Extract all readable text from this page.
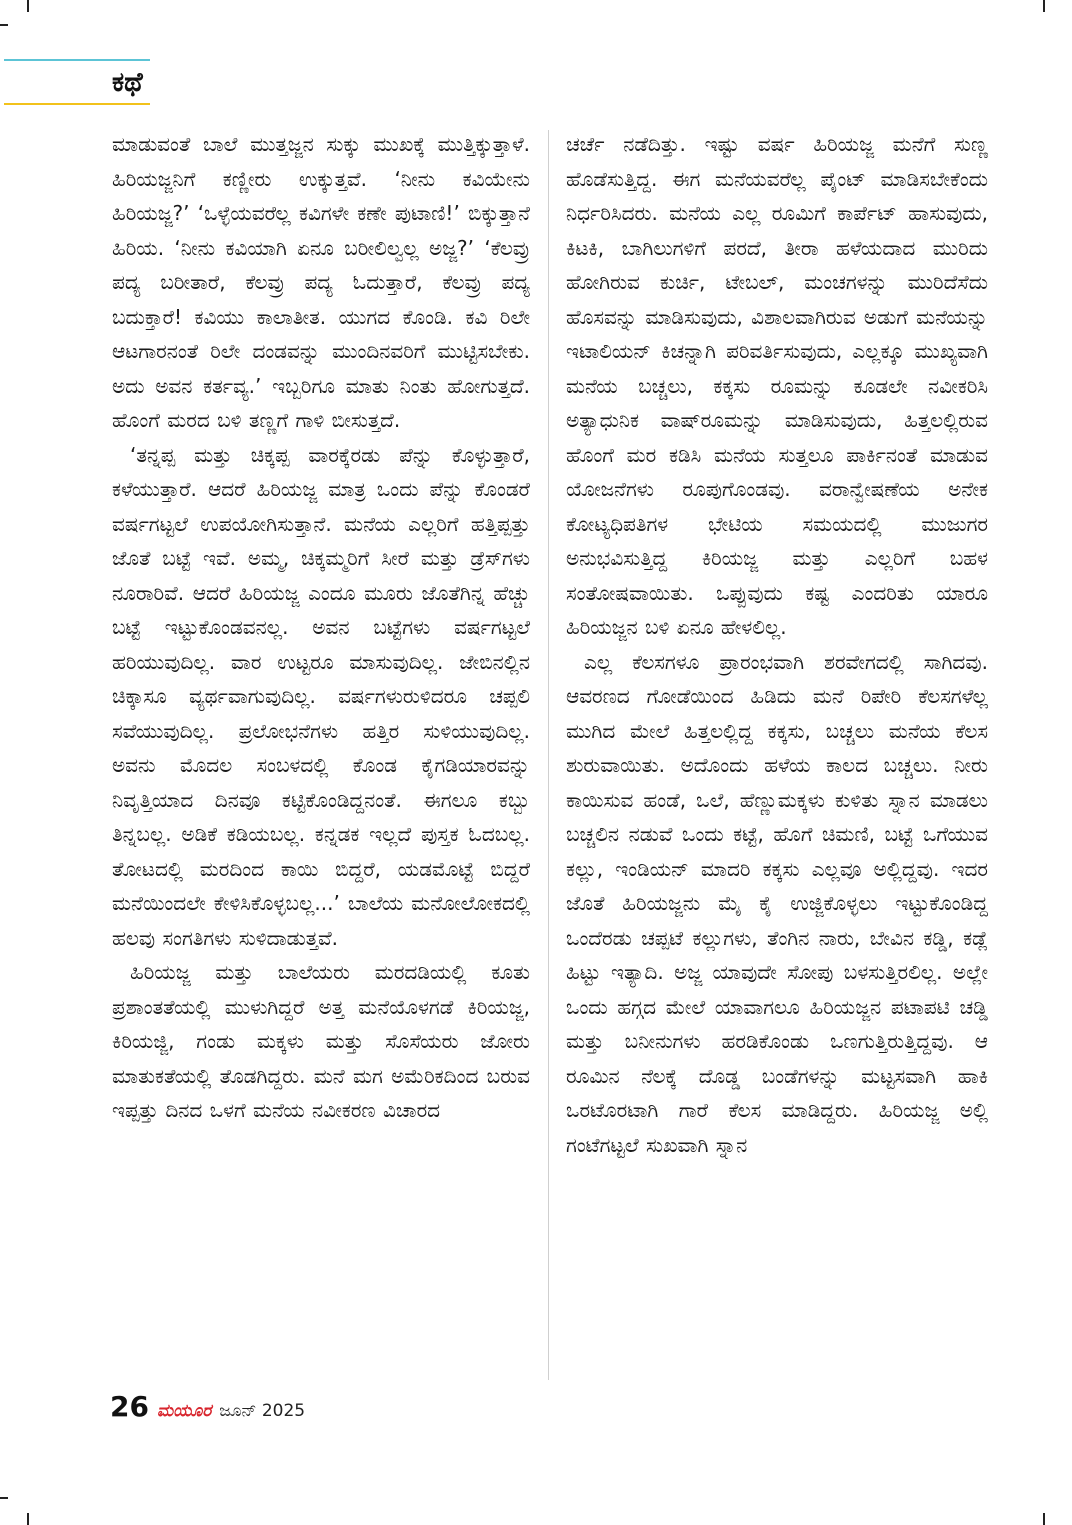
ಕಥೆ

ಮಾಡುವಂತೆ ಬಾಲೆ ಮುತ್ತಜ್ಜನ ಸುಕ್ಕು ಮುಖಕ್ಕೆ ಮುತ್ತಿಕ್ಕುತ್ತಾಳೆ. ಹಿರಿಯಜ್ಜನಿಗೆ ಕಣ್ಣೀರು ಉಕ್ಕುತ್ತವೆ. ‘ನೀನು ಕವಿಯೇನು ಹಿರಿಯಜ್ಜ?’ ‘ಒಳ್ಳೆಯವರೆಲ್ಲ ಕವಿಗಳೇ ಕಣೇ ಪುಟಾಣಿ!’ ಬಿಕ್ಕುತ್ತಾನೆ ಹಿರಿಯ. ‘ನೀನು ಕವಿಯಾಗಿ ಏನೂ ಬರೀಲಿಲ್ವಲ್ಲ ಅಜ್ಜ?’ ‘ಕೆಲವ್ರು ಪದ್ಯ ಬರೀತಾರೆ, ಕೆಲವ್ರು ಪದ್ಯ ಓದುತ್ತಾರೆ, ಕೆಲವ್ರು ಪದ್ಯ ಬದುಕ್ತಾರೆ! ಕವಿಯು ಕಾಲಾತೀತ. ಯುಗದ ಕೊಂಡಿ. ಕವಿ ರಿಲೇ ಆಟಗಾರನಂತೆ ರಿಲೇ ದಂಡವನ್ನು ಮುಂದಿನವರಿಗೆ ಮುಟ್ಟಿಸಬೇಕು. ಅದು ಅವನ ಕರ್ತವ್ಯ.’ ಇಬ್ಬರಿಗೂ ಮಾತು ನಿಂತು ಹೋಗುತ್ತದೆ. ಹೊಂಗೆ ಮರದ ಬಳಿ ತಣ್ಣಗೆ ಗಾಳಿ ಬೀಸುತ್ತದೆ.

‘ತನ್ನಪ್ಪ ಮತ್ತು ಚಿಕ್ಕಪ್ಪ ವಾರಕ್ಕೆರಡು ಪೆನ್ನು ಕೊಳ್ಳುತ್ತಾರೆ, ಕಳೆಯುತ್ತಾರೆ. ಆದರೆ ಹಿರಿಯಜ್ಜ ಮಾತ್ರ ಒಂದು ಪೆನ್ನು ಕೊಂಡರೆ ವರ್ಷಗಟ್ಟಲೆ ಉಪಯೋಗಿಸುತ್ತಾನೆ. ಮನೆಯ ಎಲ್ಲರಿಗೆ ಹತ್ತಿಪ್ಪತ್ತು ಜೊತೆ ಬಟ್ಟೆ ಇವೆ. ಅಮ್ಮ, ಚಿಕ್ಕಮ್ಮರಿಗೆ ಸೀರೆ ಮತ್ತು ಡ್ರೆಸ್‌ಗಳು ನೂರಾರಿವೆ. ಆದರೆ ಹಿರಿಯಜ್ಜ ಎಂದೂ ಮೂರು ಜೊತೆಗಿನ್ನ ಹೆಚ್ಚು ಬಟ್ಟೆ ಇಟ್ಟುಕೊಂಡವನಲ್ಲ. ಅವನ ಬಟ್ಟೆಗಳು ವರ್ಷಗಟ್ಟಲೆ ಹರಿಯುವುದಿಲ್ಲ. ವಾರ ಉಟ್ಟರೂ ಮಾಸುವುದಿಲ್ಲ. ಜೇಬಿನಲ್ಲಿನ ಚಿಕ್ಕಾಸೂ ವ್ಯರ್ಥವಾಗುವುದಿಲ್ಲ. ವರ್ಷಗಳುರುಳಿದರೂ ಚಪ್ಪಲಿ ಸವೆಯುವುದಿಲ್ಲ. ಪ್ರಲೋಭನೆಗಳು ಹತ್ತಿರ ಸುಳಿಯುವುದಿಲ್ಲ. ಅವನು ಮೊದಲ ಸಂಬಳದಲ್ಲಿ ಕೊಂಡ ಕೈಗಡಿಯಾರವನ್ನು ನಿವೃತ್ತಿಯಾದ ದಿನವೂ ಕಟ್ಟಿಕೊಂಡಿದ್ದನಂತೆ. ಈಗಲೂ ಕಬ್ಬು ತಿನ್ನಬಲ್ಲ. ಅಡಿಕೆ ಕಡಿಯಬಲ್ಲ. ಕನ್ನಡಕ ಇಲ್ಲದೆ ಪುಸ್ತಕ ಓದಬಲ್ಲ. ತೋಟದಲ್ಲಿ ಮರದಿಂದ ಕಾಯಿ ಬಿದ್ದರೆ, ಯಡಮೊಟ್ಟೆ ಬಿದ್ದರೆ ಮನೆಯಿಂದಲೇ ಕೇಳಿಸಿಕೊಳ್ಳಬಲ್ಲ...’ ಬಾಲೆಯ ಮನೋಲೋಕದಲ್ಲಿ ಹಲವು ಸಂಗತಿಗಳು ಸುಳಿದಾಡುತ್ತವೆ.

ಹಿರಿಯಜ್ಜ ಮತ್ತು ಬಾಲೆಯರು ಮರದಡಿಯಲ್ಲಿ ಕೂತು ಪ್ರಶಾಂತತೆಯಲ್ಲಿ ಮುಳುಗಿದ್ದರೆ ಅತ್ತ ಮನೆಯೊಳಗಡೆ ಕಿರಿಯಜ್ಜ, ಕಿರಿಯಜ್ಜಿ, ಗಂಡು ಮಕ್ಕಳು ಮತ್ತು ಸೊಸೆಯರು ಜೋರು ಮಾತುಕತೆಯಲ್ಲಿ ತೊಡಗಿದ್ದರು. ಮನೆ ಮಗ ಅಮೆರಿಕದಿಂದ ಬರುವ ಇಪ್ಪತ್ತು ದಿನದ ಒಳಗೆ ಮನೆಯ ನವೀಕರಣ ವಿಚಾರದ

ಚರ್ಚೆ ನಡೆದಿತ್ತು. ಇಷ್ಟು ವರ್ಷ ಹಿರಿಯಜ್ಜ ಮನೆಗೆ ಸುಣ್ಣ ಹೊಡೆಸುತ್ತಿದ್ದ. ಈಗ ಮನೆಯವರೆಲ್ಲ ಪೈಂಟ್ ಮಾಡಿಸಬೇಕೆಂದು ನಿರ್ಧರಿಸಿದರು. ಮನೆಯ ಎಲ್ಲ ರೂಮಿಗೆ ಕಾರ್ಪೆಟ್ ಹಾಸುವುದು, ಕಿಟಕಿ, ಬಾಗಿಲುಗಳಿಗೆ ಪರದೆ, ತೀರಾ ಹಳೆಯದಾದ ಮುರಿದು ಹೋಗಿರುವ ಕುರ್ಚಿ, ಟೇಬಲ್, ಮಂಚಗಳನ್ನು ಮುರಿದೆಸೆದು ಹೊಸವನ್ನು ಮಾಡಿಸುವುದು, ವಿಶಾಲವಾಗಿರುವ ಅಡುಗೆ ಮನೆಯನ್ನು ಇಟಾಲಿಯನ್ ಕಿಚನ್ನಾಗಿ ಪರಿವರ್ತಿಸುವುದು, ಎಲ್ಲಕ್ಕೂ ಮುಖ್ಯವಾಗಿ ಮನೆಯ ಬಚ್ಚಲು, ಕಕ್ಕಸು ರೂಮನ್ನು ಕೂಡಲೇ ನವೀಕರಿಸಿ ಅತ್ಯಾಧುನಿಕ ವಾಷ್‌ರೂಮನ್ನು ಮಾಡಿಸುವುದು, ಹಿತ್ತಲಲ್ಲಿರುವ ಹೊಂಗೆ ಮರ ಕಡಿಸಿ ಮನೆಯ ಸುತ್ತಲೂ ಪಾರ್ಕಿನಂತೆ ಮಾಡುವ ಯೋಜನೆಗಳು ರೂಪುಗೊಂಡವು. ವರಾನ್ವೇಷಣೆಯ ಅನೇಕ ಕೋಟ್ಯಧಿಪತಿಗಳ ಭೇಟಿಯ ಸಮಯದಲ್ಲಿ ಮುಜುಗರ ಅನುಭವಿಸುತ್ತಿದ್ದ ಕಿರಿಯಜ್ಜ ಮತ್ತು ಎಲ್ಲರಿಗೆ ಬಹಳ ಸಂತೋಷವಾಯಿತು. ಒಪ್ಪುವುದು ಕಷ್ಟ ಎಂದರಿತು ಯಾರೂ ಹಿರಿಯಜ್ಜನ ಬಳಿ ಏನೂ ಹೇಳಲಿಲ್ಲ.

ಎಲ್ಲ ಕೆಲಸಗಳೂ ಪ್ರಾರಂಭವಾಗಿ ಶರವೇಗದಲ್ಲಿ ಸಾಗಿದವು. ಆವರಣದ ಗೋಡೆಯಿಂದ ಹಿಡಿದು ಮನೆ ರಿಪೇರಿ ಕೆಲಸಗಳೆಲ್ಲ ಮುಗಿದ ಮೇಲೆ ಹಿತ್ತಲಲ್ಲಿದ್ದ ಕಕ್ಕಸು, ಬಚ್ಚಲು ಮನೆಯ ಕೆಲಸ ಶುರುವಾಯಿತು. ಅದೊಂದು ಹಳೆಯ ಕಾಲದ ಬಚ್ಚಲು. ನೀರು ಕಾಯಿಸುವ ಹಂಡೆ, ಒಲೆ, ಹೆಣ್ಣುಮಕ್ಕಳು ಕುಳಿತು ಸ್ನಾನ ಮಾಡಲು ಬಚ್ಚಲಿನ ನಡುವೆ ಒಂದು ಕಟ್ಟೆ, ಹೊಗೆ ಚಿಮಣಿ, ಬಟ್ಟೆ ಒಗೆಯುವ ಕಲ್ಲು, ಇಂಡಿಯನ್ ಮಾದರಿ ಕಕ್ಕಸು ಎಲ್ಲವೂ ಅಲ್ಲಿದ್ದವು. ಇದರ ಜೊತೆ ಹಿರಿಯಜ್ಜನು ಮೈ ಕೈ ಉಜ್ಜಿಕೊಳ್ಳಲು ಇಟ್ಟುಕೊಂಡಿದ್ದ ಒಂದೆರಡು ಚಪ್ಪಟೆ ಕಲ್ಲುಗಳು, ತೆಂಗಿನ ನಾರು, ಬೇವಿನ ಕಡ್ಡಿ, ಕಡ್ಲೆ ಹಿಟ್ಟು ಇತ್ಯಾದಿ. ಅಜ್ಜ ಯಾವುದೇ ಸೋಪು ಬಳಸುತ್ತಿರಲಿಲ್ಲ. ಅಲ್ಲೇ ಒಂದು ಹಗ್ಗದ ಮೇಲೆ ಯಾವಾಗಲೂ ಹಿರಿಯಜ್ಜನ ಪಟಾಪಟಿ ಚಡ್ಡಿ ಮತ್ತು ಬನೀನುಗಳು ಹರಡಿಕೊಂಡು ಒಣಗುತ್ತಿರುತ್ತಿದ್ದವು. ಆ ರೂಮಿನ ನೆಲಕ್ಕೆ ದೊಡ್ಡ ಬಂಡೆಗಳನ್ನು ಮಟ್ಟಸವಾಗಿ ಹಾಕಿ ಒರಟೊರಟಾಗಿ ಗಾರೆ ಕೆಲಸ ಮಾಡಿದ್ದರು. ಹಿರಿಯಜ್ಜ ಅಲ್ಲಿ ಗಂಟೆಗಟ್ಟಲೆ ಸುಖವಾಗಿ ಸ್ನಾನ

26 ಮಯೂರ ಜೂನ್ 2025
